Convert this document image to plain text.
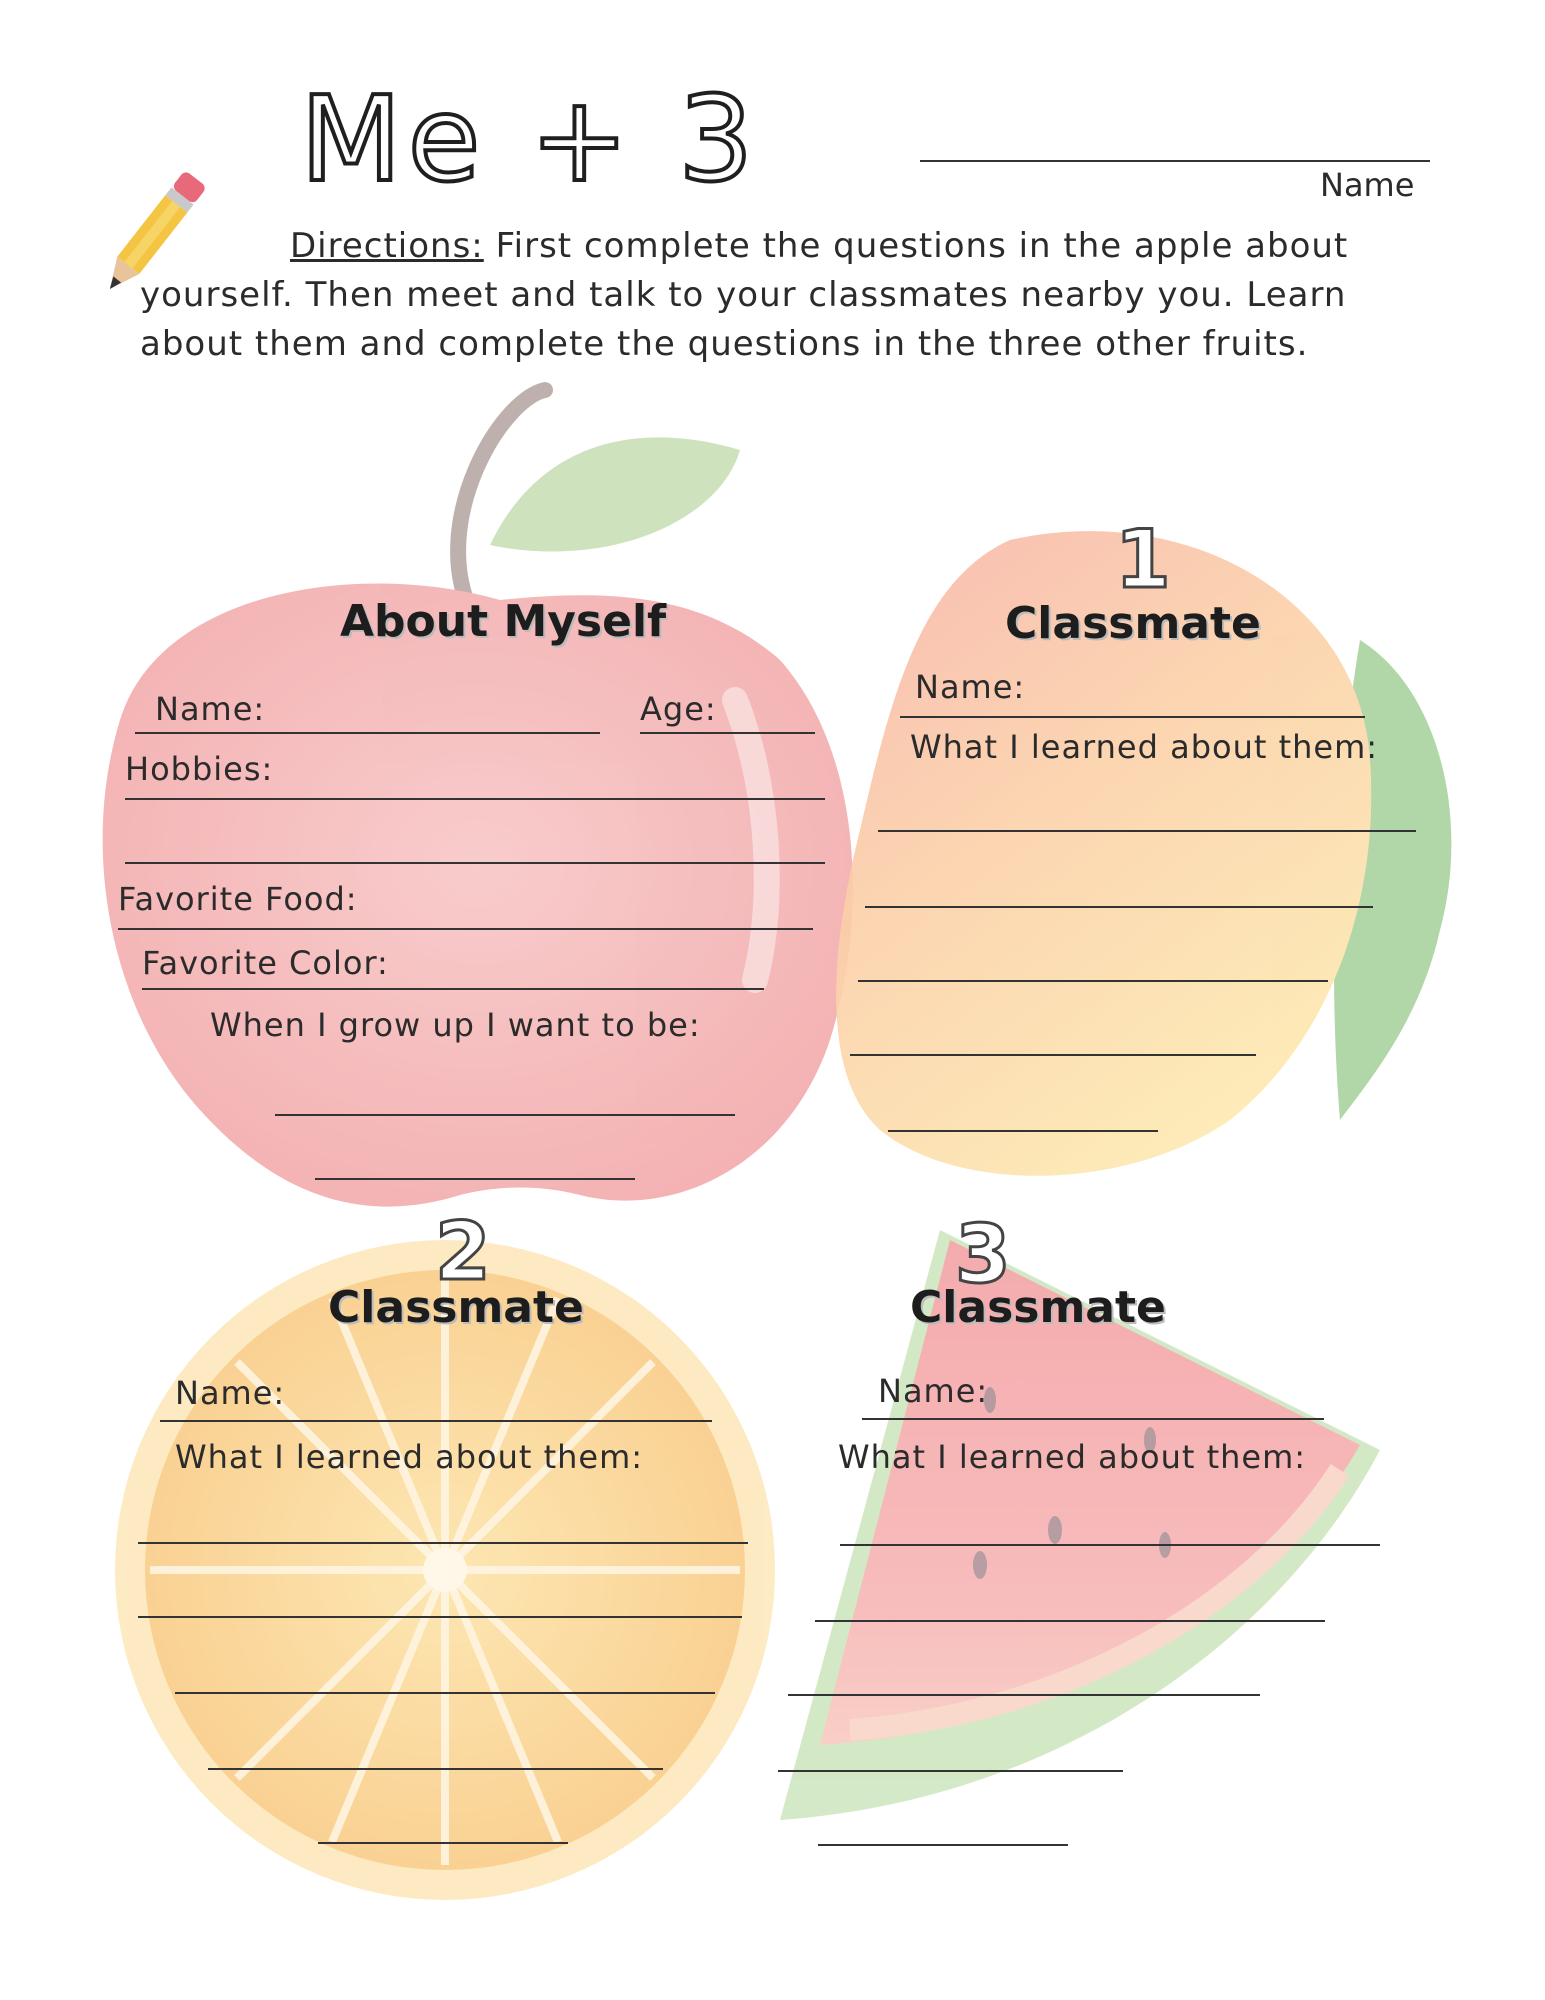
Me + 3	Name
Directions: First complete the questions in the apple about yourself. Then meet and talk to your classmates nearby you. Learn about them and complete the questions in the three other fruits.
About Myself
Name:	Age:
Hobbies:
Favorite Food:
Favorite Color:
When I grow up I want to be:
1
Classmate
Name:
What I learned about them:
2
Classmate
Name:
What I learned about them:
3
Classmate
Name:
What I learned about them:
